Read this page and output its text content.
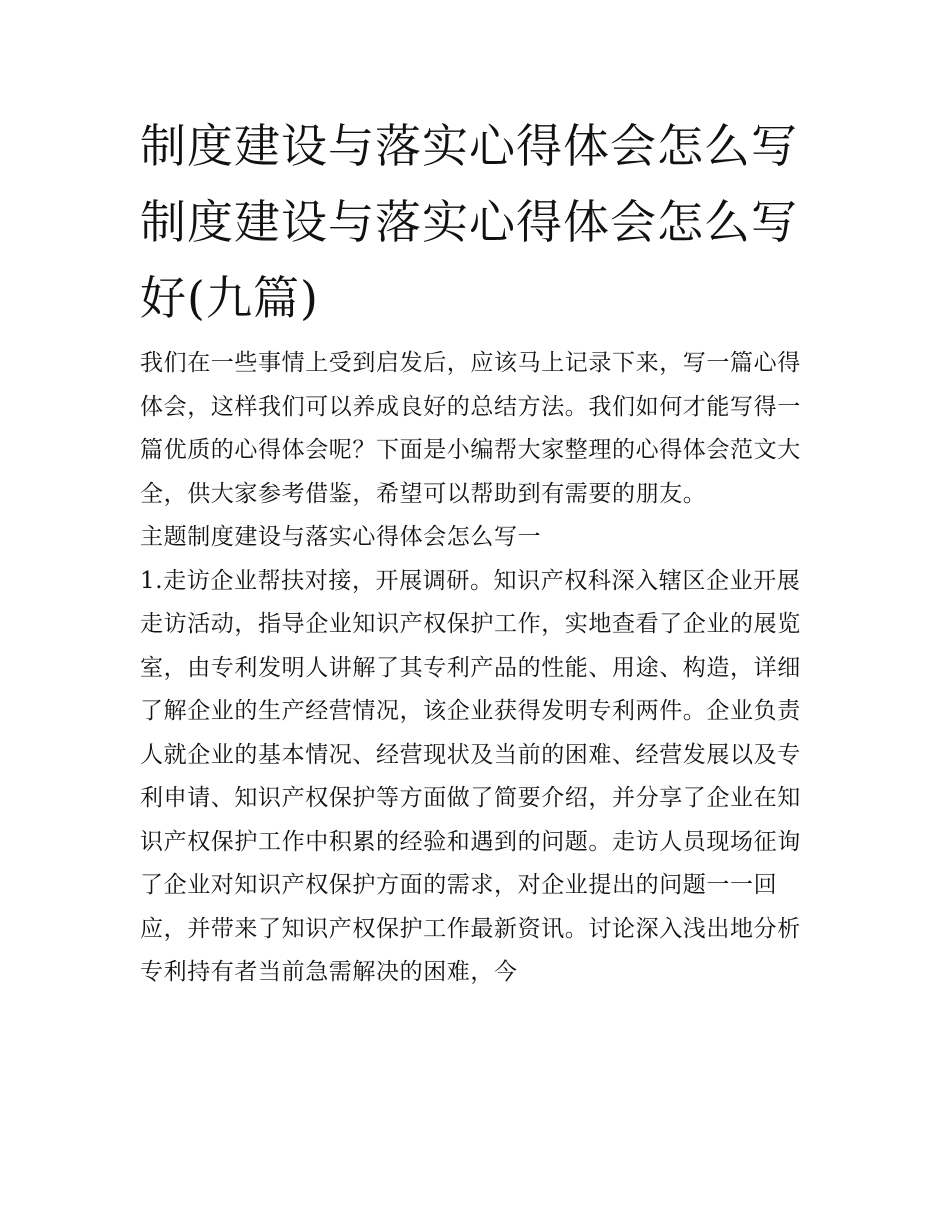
制度建设与落实心得体会怎么写 制度建设与落实心得体会怎么写好(九篇)

我们在一些事情上受到启发后，应该马上记录下来，写一篇心得体会，这样我们可以养成良好的总结方法。我们如何才能写得一篇优质的心得体会呢？下面是小编帮大家整理的心得体会范文大全，供大家参考借鉴，希望可以帮助到有需要的朋友。

主题制度建设与落实心得体会怎么写一

1.走访企业帮扶对接，开展调研。知识产权科深入辖区企业开展走访活动，指导企业知识产权保护工作，实地查看了企业的展览室，由专利发明人讲解了其专利产品的性能、用途、构造，详细了解企业的生产经营情况，该企业获得发明专利两件。企业负责人就企业的基本情况、经营现状及当前的困难、经营发展以及专利申请、知识产权保护等方面做了简要介绍，并分享了企业在知识产权保护工作中积累的经验和遇到的问题。走访人员现场征询了企业对知识产权保护方面的需求，对企业提出的问题一一回应，并带来了知识产权保护工作最新资讯。讨论深入浅出地分析专利持有者当前急需解决的困难，今
